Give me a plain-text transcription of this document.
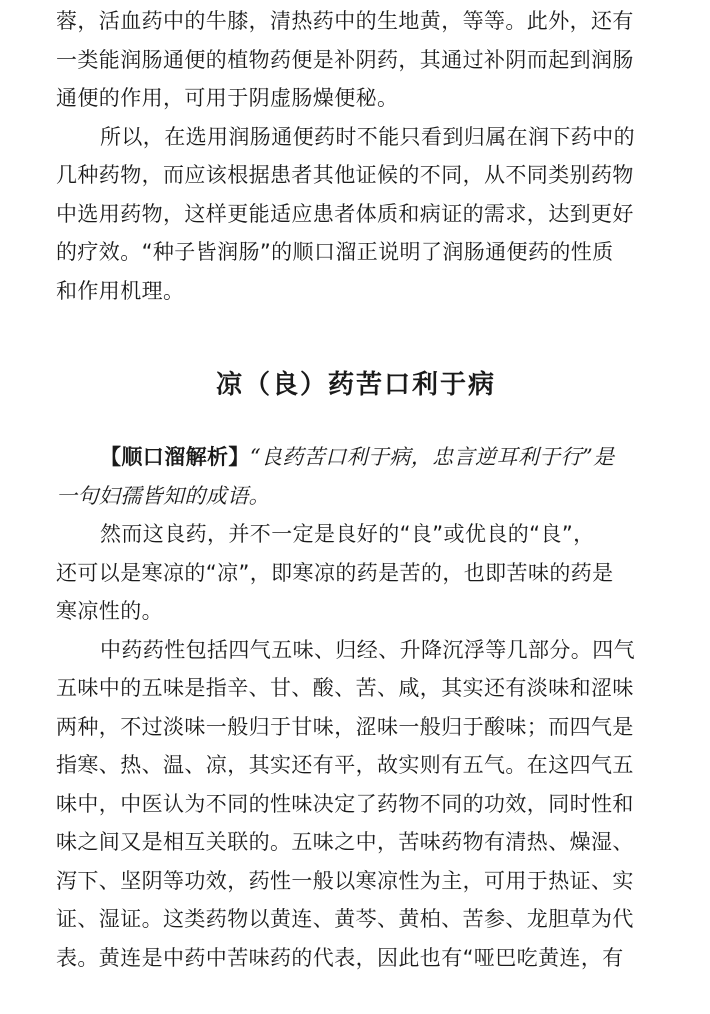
蓉，活血药中的牛膝，清热药中的生地黄，等等。此外，还有
一类能润肠通便的植物药便是补阴药，其通过补阴而起到润肠
通便的作用，可用于阴虚肠燥便秘。
所以，在选用润肠通便药时不能只看到归属在润下药中的
几种药物，而应该根据患者其他证候的不同，从不同类别药物
中选用药物，这样更能适应患者体质和病证的需求，达到更好
的疗效。“种子皆润肠”的顺口溜正说明了润肠通便药的性质
和作用机理。
凉（良）药苦口利于病
【顺口溜解析】“良药苦口利于病，忠言逆耳利于行”是
一句妇孺皆知的成语。
然而这良药，并不一定是良好的“良”或优良的“良”，
还可以是寒凉的“凉”，即寒凉的药是苦的，也即苦味的药是
寒凉性的。
中药药性包括四气五味、归经、升降沉浮等几部分。四气
五味中的五味是指辛、甘、酸、苦、咸，其实还有淡味和涩味
两种，不过淡味一般归于甘味，涩味一般归于酸味；而四气是
指寒、热、温、凉，其实还有平，故实则有五气。在这四气五
味中，中医认为不同的性味决定了药物不同的功效，同时性和
味之间又是相互关联的。五味之中，苦味药物有清热、燥湿、
泻下、坚阴等功效，药性一般以寒凉性为主，可用于热证、实
证、湿证。这类药物以黄连、黄芩、黄柏、苦参、龙胆草为代
表。黄连是中药中苦味药的代表，因此也有“哑巴吃黄连，有
